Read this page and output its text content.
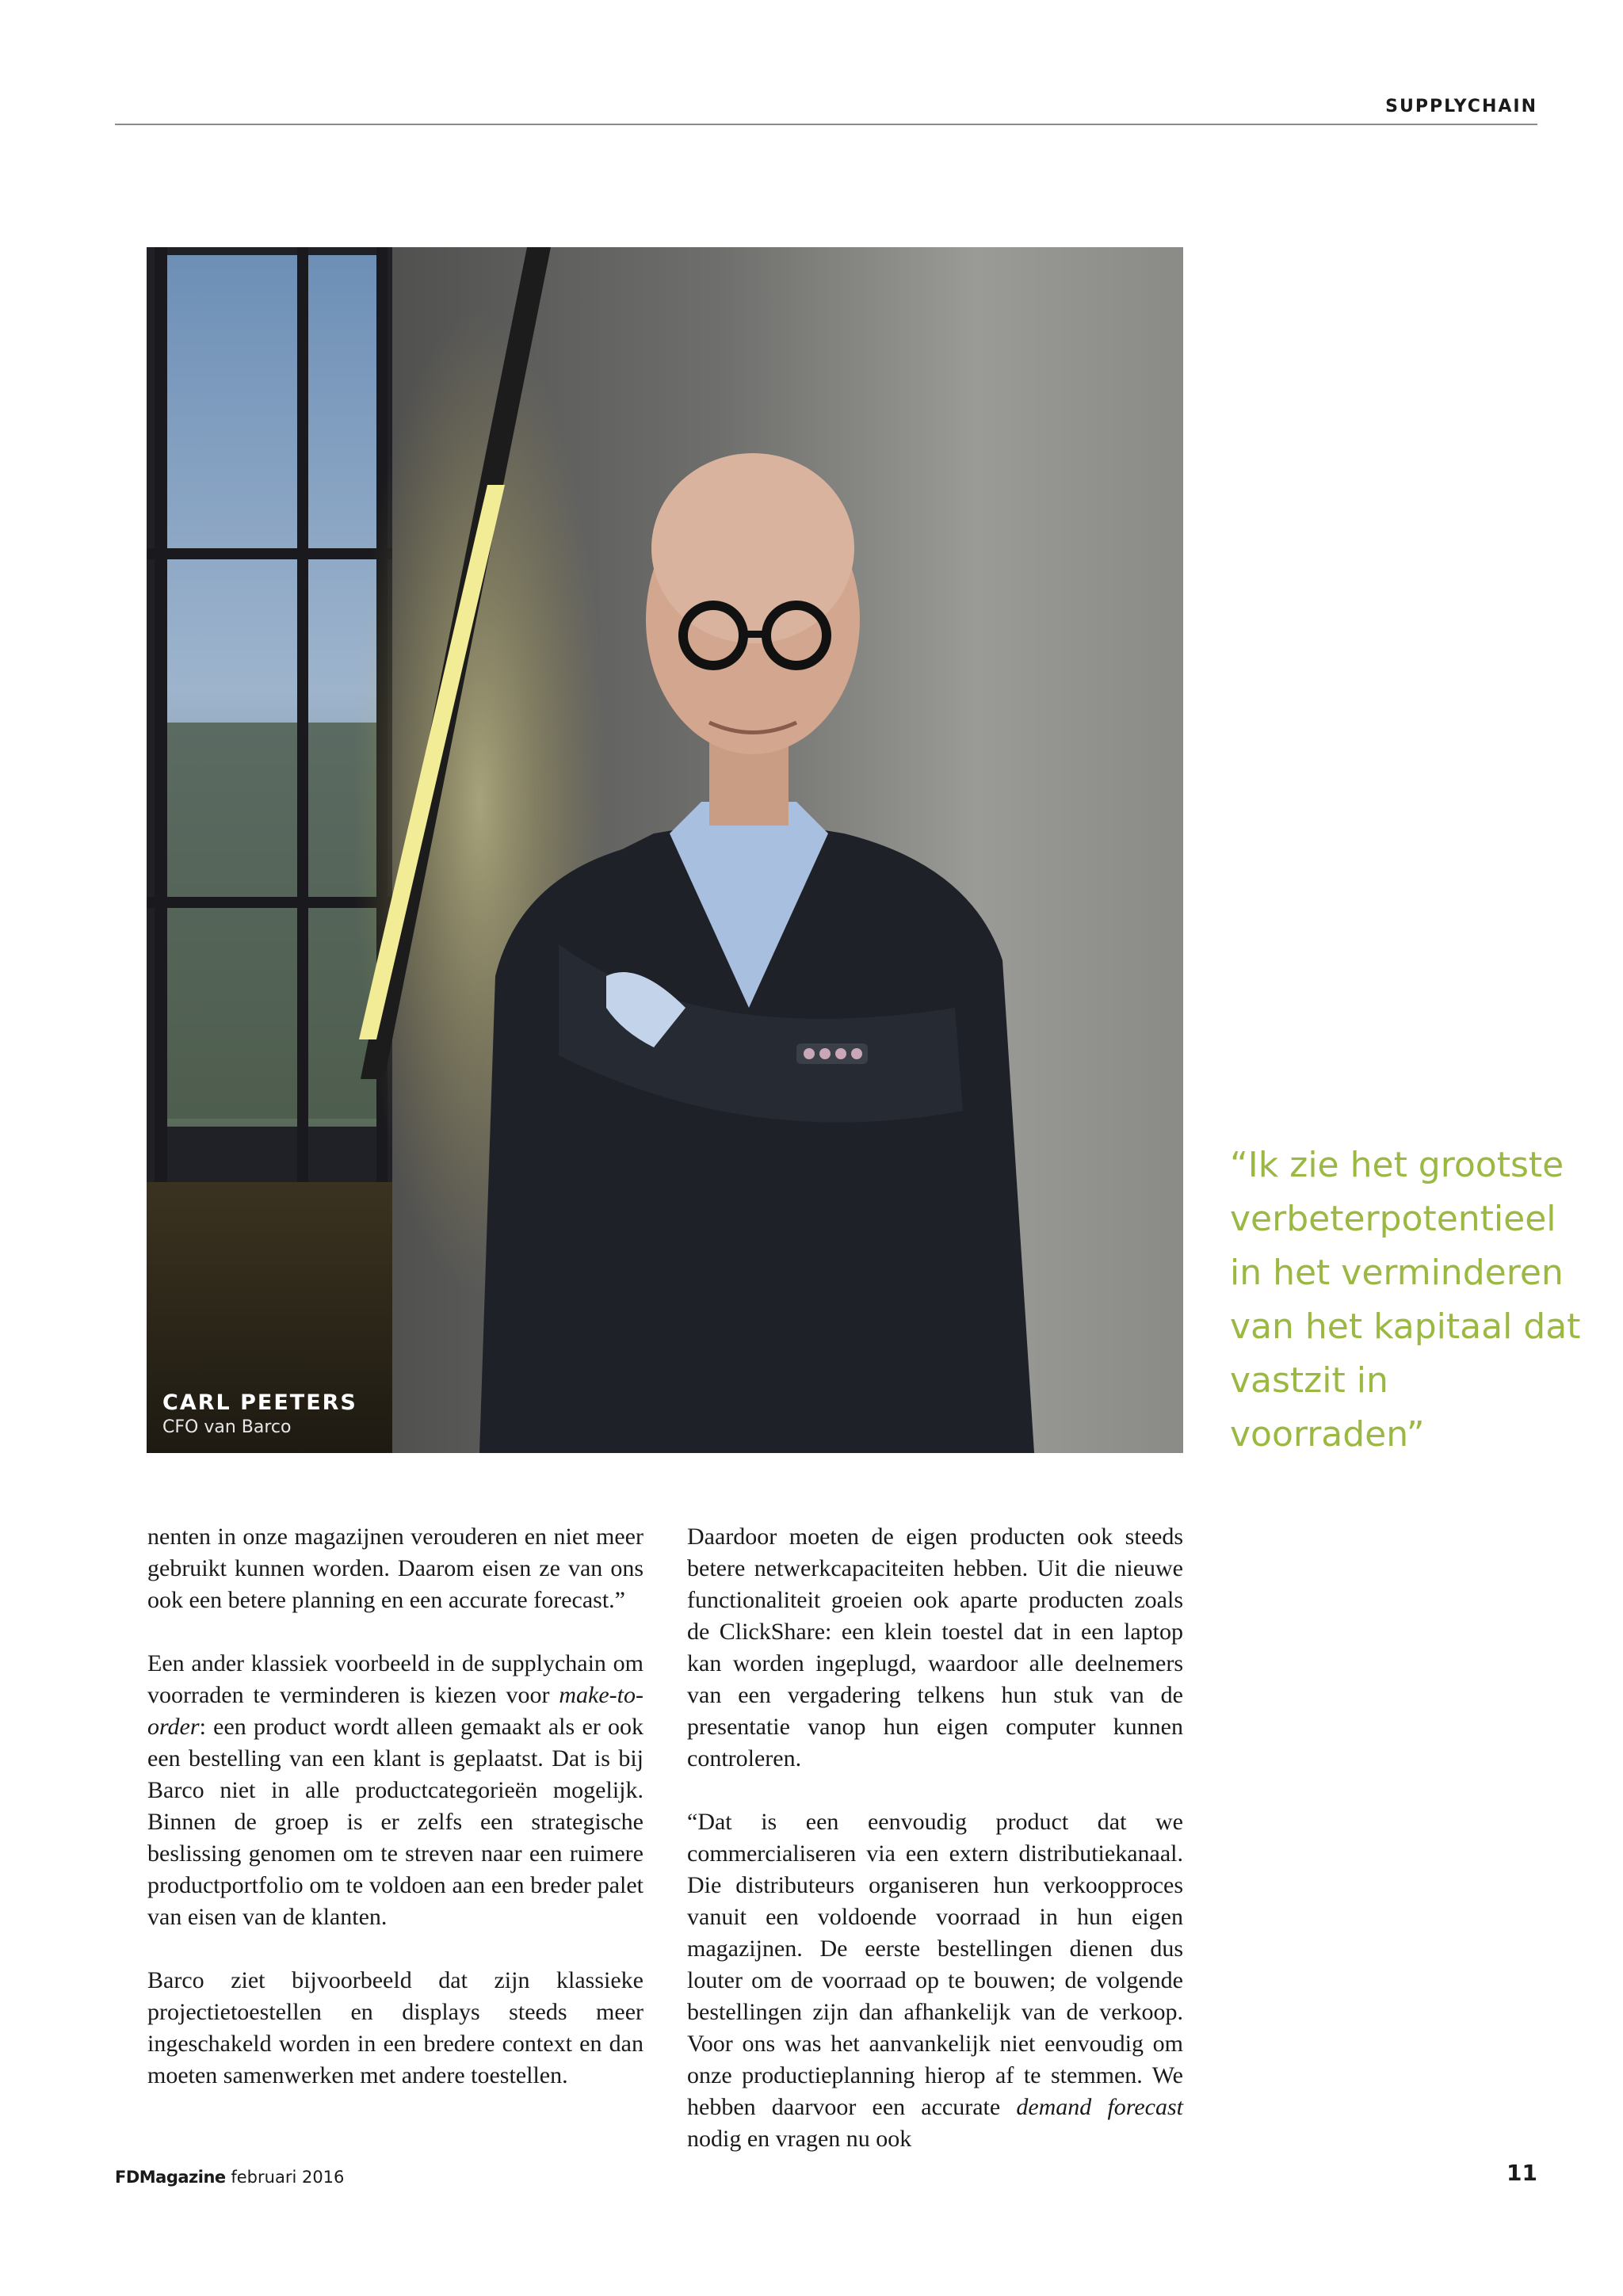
SUPPLYCHAIN
CARL PEETERS
CFO van Barco
“Ik zie het grootste
verbeterpotentieel
in het verminderen
van het kapitaal dat
vastzit in
voorraden”

nenten in onze magazijnen verouderen en niet meer gebruikt kunnen worden. Daarom eisen ze van ons ook een betere planning en een accurate forecast.”

Een ander klassiek voorbeeld in de supplychain om voorraden te verminderen is kiezen voor make-to-order: een product wordt alleen gemaakt als er ook een bestelling van een klant is geplaatst. Dat is bij Barco niet in alle productcategorieën mogelijk. Binnen de groep is er zelfs een strategische beslissing genomen om te streven naar een ruimere productportfolio om te voldoen aan een breder palet van eisen van de klanten.

Barco ziet bijvoorbeeld dat zijn klassieke projectietoestellen en displays steeds meer ingeschakeld worden in een bredere context en dan moeten samenwerken met andere toestellen.

Daardoor moeten de eigen producten ook steeds betere netwerkcapaciteiten hebben. Uit die nieuwe functionaliteit groeien ook aparte producten zoals de ClickShare: een klein toestel dat in een laptop kan worden ingeplugd, waardoor alle deelnemers van een vergadering telkens hun stuk van de presentatie vanop hun eigen computer kunnen controleren.

“Dat is een eenvoudig product dat we commercialiseren via een extern distributiekanaal. Die distributeurs organiseren hun verkoopproces vanuit een voldoende voorraad in hun eigen magazijnen. De eerste bestellingen dienen dus louter om de voorraad op te bouwen; de volgende bestellingen zijn dan afhankelijk van de verkoop. Voor ons was het aanvankelijk niet eenvoudig om onze productieplanning hierop af te stemmen. We hebben daarvoor een accurate demand forecast nodig en vragen nu ook

FDMagazine februari 2016	11
